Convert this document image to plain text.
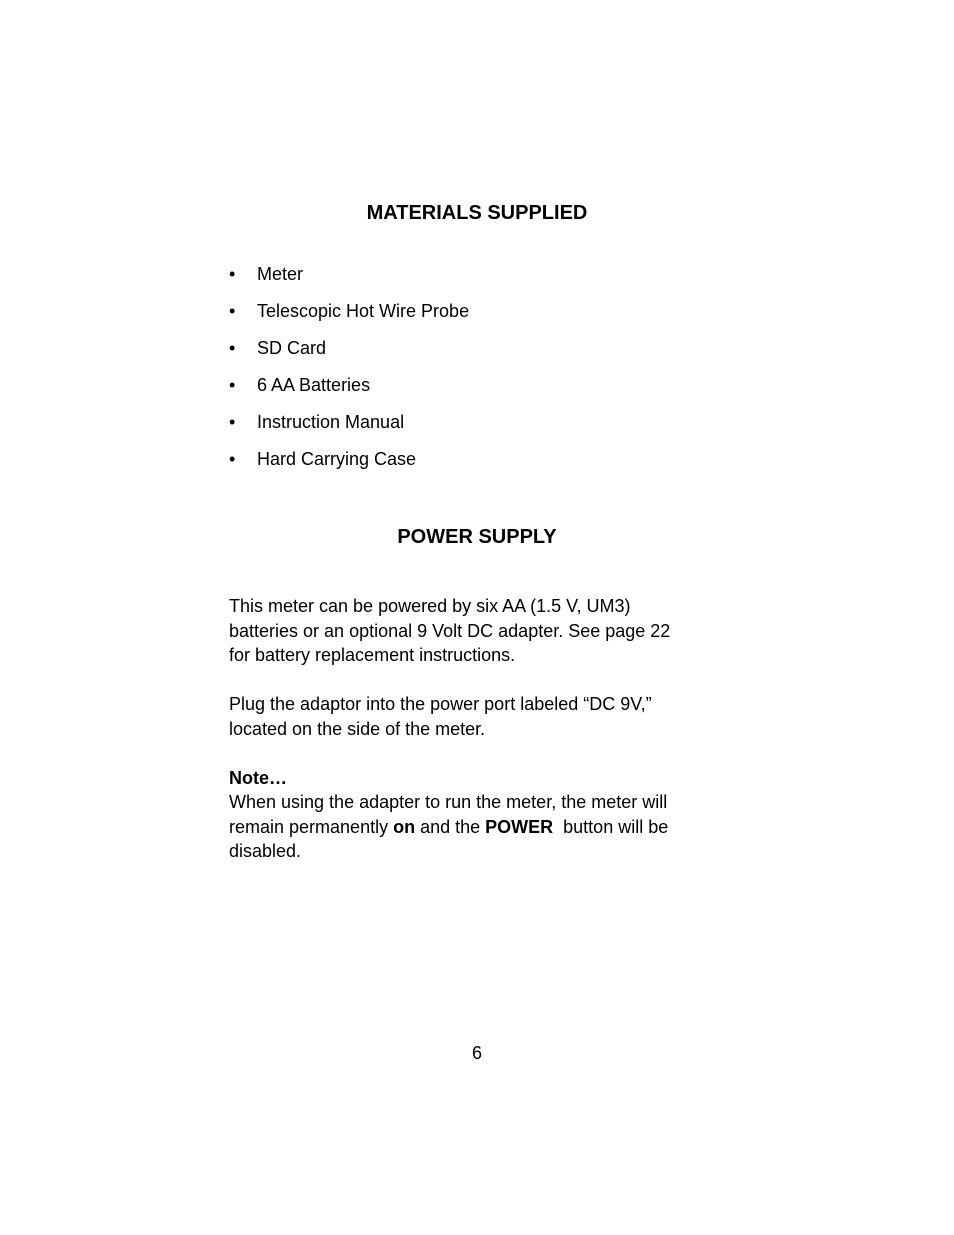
MATERIALS SUPPLIED
• Meter
• Telescopic Hot Wire Probe
• SD Card
• 6 AA Batteries
• Instruction Manual
• Hard Carrying Case
POWER SUPPLY

This meter can be powered by six AA (1.5 V, UM3)
batteries or an optional 9 Volt DC adapter. See page 22
for battery replacement instructions.

Plug the adaptor into the power port labeled “DC 9V,”
located on the side of the meter.

Note…

When using the adapter to run the meter, the meter will
remain permanently on and the POWER  button will be
disabled.

6
